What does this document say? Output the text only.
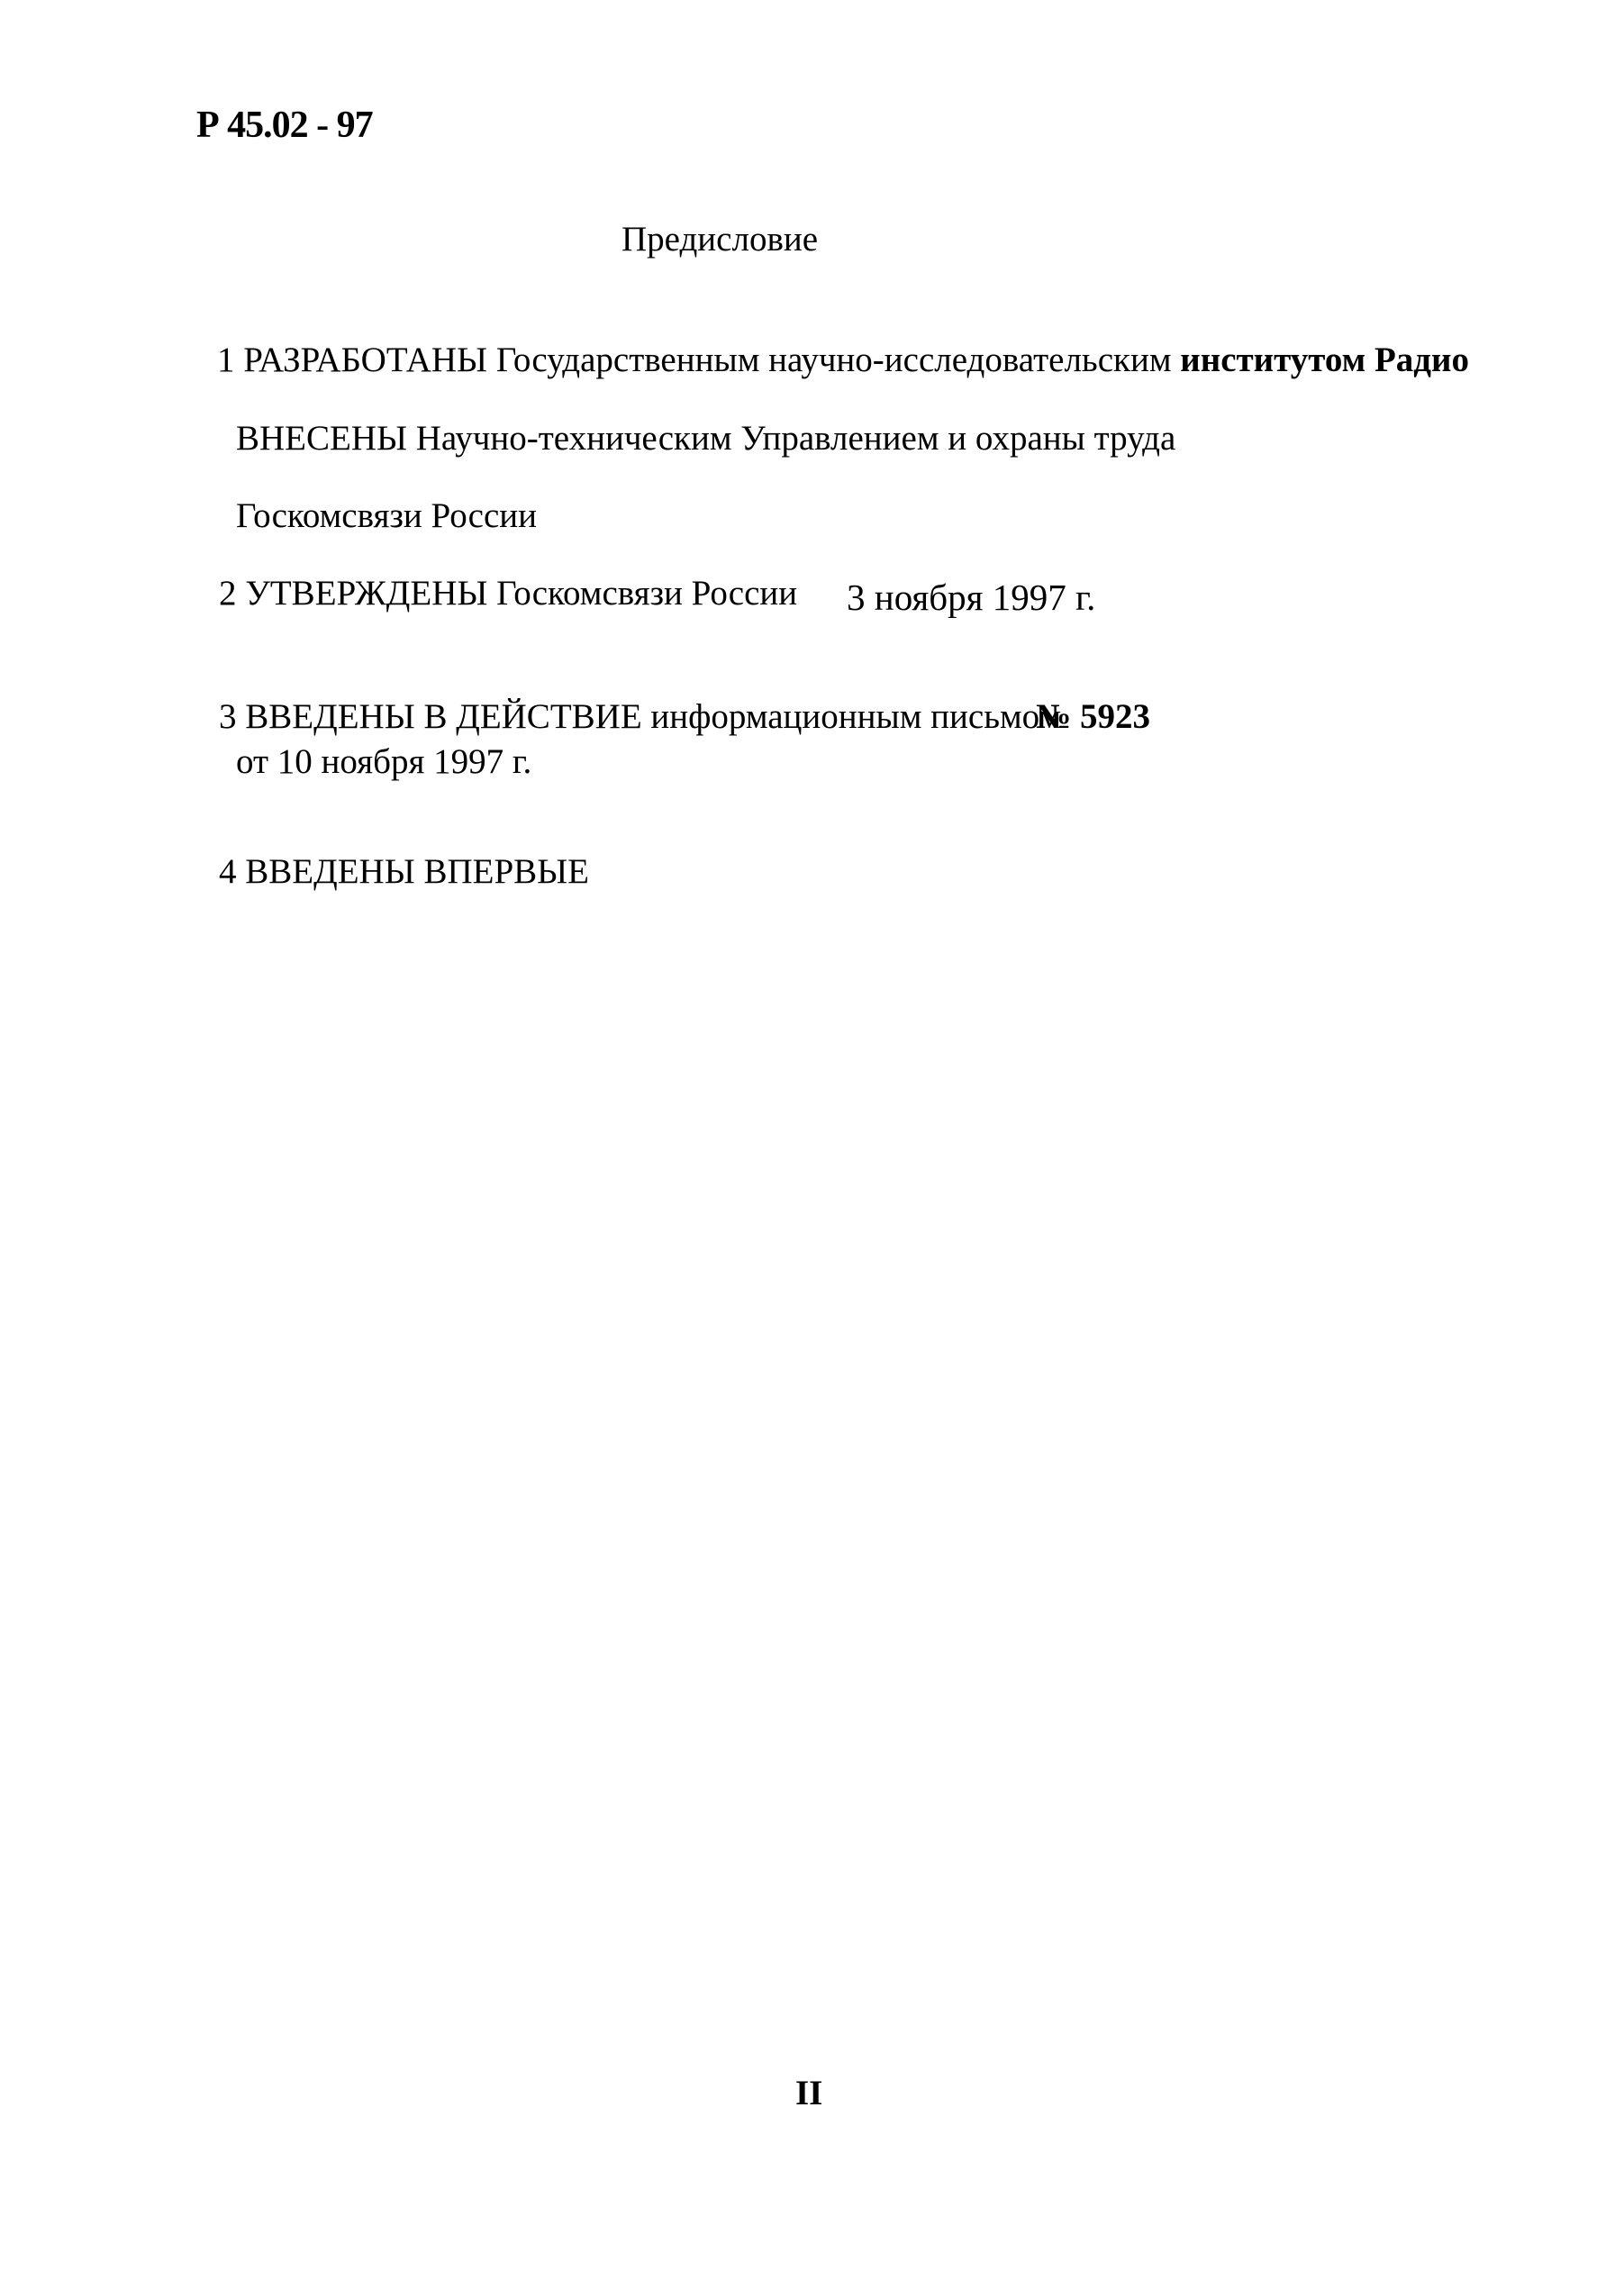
Р 45.02 - 97
Предисловие
1 РАЗРАБОТАНЫ Государственным научно-исследовательским институтом Радио
ВНЕСЕНЫ Научно-техническим Управлением и охраны труда
Госкомсвязи России
2 УТВЕРЖДЕНЫ Госкомсвязи России 3 ноября 1997 г.
3 ВВЕДЕНЫ В ДЕЙСТВИЕ информационным письмом
№ 5923
от 10 ноября 1997 г.
4 ВВЕДЕНЫ ВПЕРВЫЕ
II
